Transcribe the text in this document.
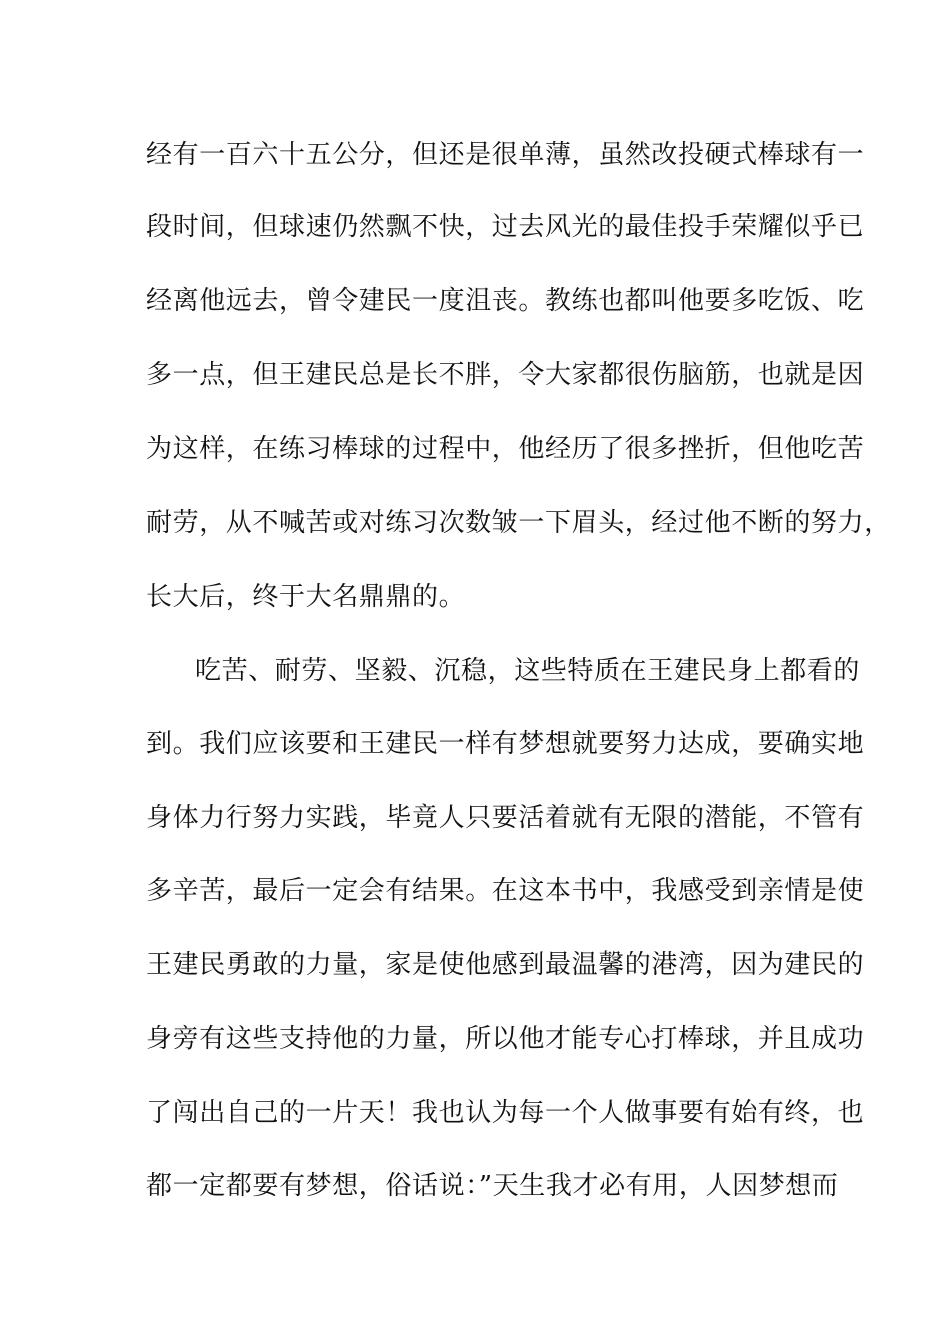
经有一百六十五公分，但还是很单薄，虽然改投硬式棒球有一
段时间，但球速仍然飘不快，过去风光的最佳投手荣耀似乎已
经离他远去，曾令建民一度沮丧。教练也都叫他要多吃饭、吃
多一点，但王建民总是长不胖，令大家都很伤脑筋，也就是因
为这样，在练习棒球的过程中，他经历了很多挫折，但他吃苦
耐劳，从不喊苦或对练习次数皱一下眉头，经过他不断的努力，
长大后，终于大名鼎鼎的。
吃苦、耐劳、坚毅、沉稳，这些特质在王建民身上都看的
到。我们应该要和王建民一样有梦想就要努力达成，要确实地
身体力行努力实践，毕竟人只要活着就有无限的潜能，不管有
多辛苦，最后一定会有结果。在这本书中，我感受到亲情是使
王建民勇敢的力量，家是使他感到最温馨的港湾，因为建民的
身旁有这些支持他的力量，所以他才能专心打棒球，并且成功
了闯出自己的一片天！我也认为每一个人做事要有始有终，也
都一定都要有梦想，俗话说：”天生我才必有用，人因梦想而
